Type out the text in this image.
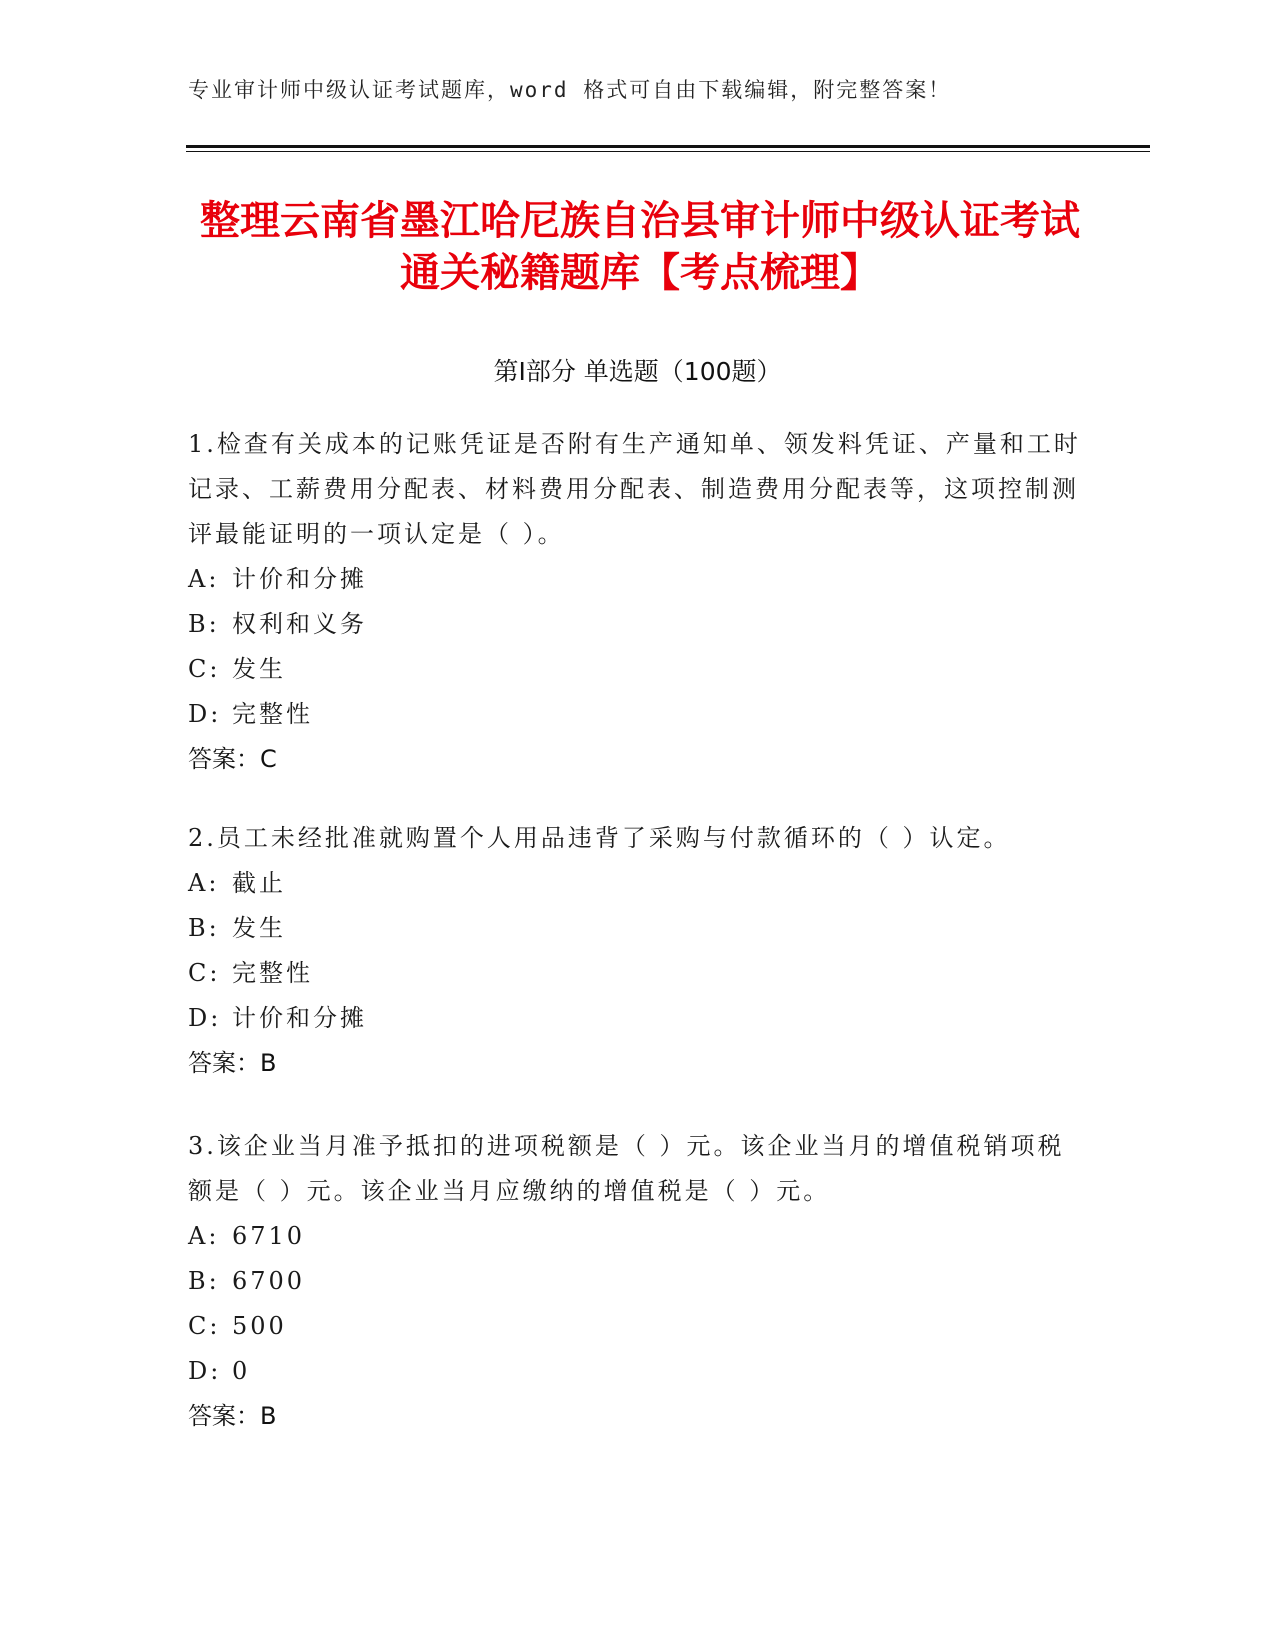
专业审计师中级认证考试题库，word 格式可自由下载编辑，附完整答案！
整理云南省墨江哈尼族自治县审计师中级认证考试通关秘籍题库【考点梳理】
第Ⅰ部分 单选题（100题）

1.检查有关成本的记账凭证是否附有生产通知单、领发料凭证、产量和工时记录、工薪费用分配表、材料费用分配表、制造费用分配表等，这项控制测评最能证明的一项认定是（ ）。

A: 计价和分摊

B: 权利和义务

C: 发生

D: 完整性

答案：C

2.员工未经批准就购置个人用品违背了采购与付款循环的（ ）认定。

A: 截止

B: 发生

C: 完整性

D: 计价和分摊

答案：B

3.该企业当月准予抵扣的进项税额是（ ）元。该企业当月的增值税销项税额是（ ）元。该企业当月应缴纳的增值税是（ ）元。

A: 6710

B: 6700

C: 500

D: 0

答案：B
